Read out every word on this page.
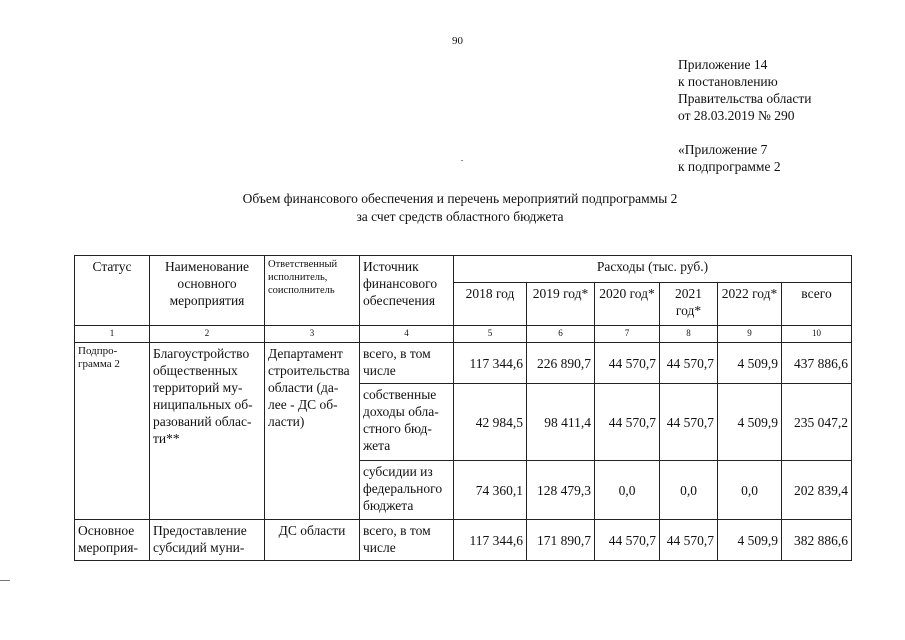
90
Приложение 14
к постановлению
Правительства области
от 28.03.2019 № 290
«Приложение 7
к подпрограмме 2
Объем финансового обеспечения и перечень мероприятий подпрограммы 2
за счет средств областного бюджета
Статус	Наименование основного мероприятия	Ответственный исполнитель, соисполнитель	Источник финансового обеспечения	Расходы (тыс. руб.)					
				2018 год	2019 год*	2020 год*	2021 год*	2022 год*	всего
1	2	3	4	5	6	7	8	9	10
Подпро-грамма 2	Благоустройство общественных территорий му-ниципальных об-разований облас-ти**	Департамент строительства области (да-лее - ДС об-ласти)	всего, в том числе	117 344,6	226 890,7	44 570,7	44 570,7	4 509,9	437 886,6
			собственные доходы обла-стного бюд-жета	42 984,5	98 411,4	44 570,7	44 570,7	4 509,9	235 047,2
			субсидии из федерального бюджета	74 360,1	128 479,3	0,0	0,0	0,0	202 839,4
Основное мероприя-	Предоставление субсидий муни-	ДС области	всего, в том числе	117 344,6	171 890,7	44 570,7	44 570,7	4 509,9	382 886,6
